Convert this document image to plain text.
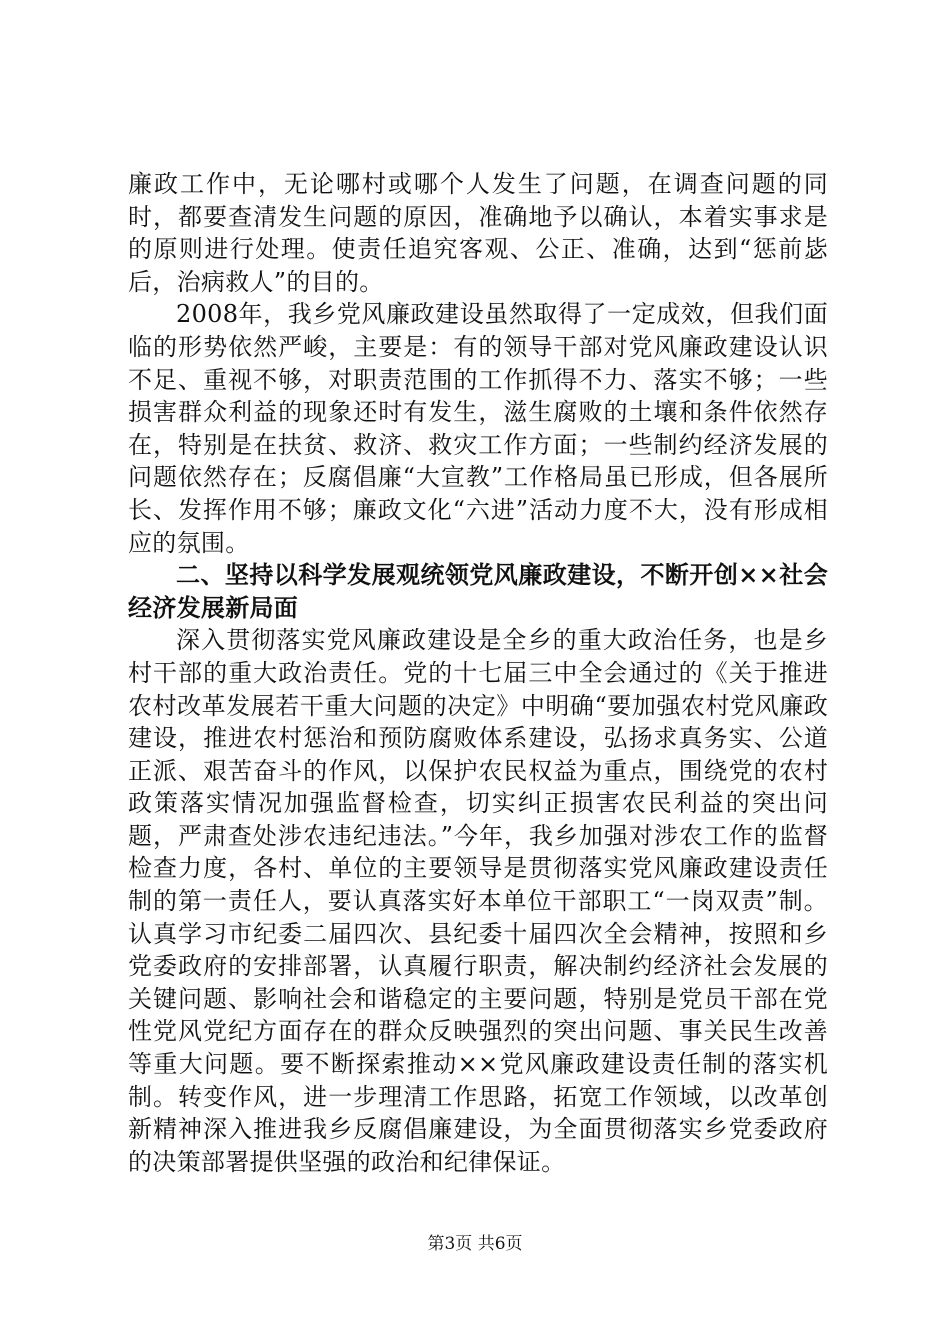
廉政工作中，无论哪村或哪个人发生了问题，在调查问题的同时，都要查清发生问题的原因，准确地予以确认，本着实事求是的原则进行处理。使责任追究客观、公正、准确，达到“惩前毖后，治病救人”的目的。

2008年，我乡党风廉政建设虽然取得了一定成效，但我们面临的形势依然严峻，主要是：有的领导干部对党风廉政建设认识不足、重视不够，对职责范围的工作抓得不力、落实不够；一些损害群众利益的现象还时有发生，滋生腐败的土壤和条件依然存在，特别是在扶贫、救济、救灾工作方面；一些制约经济发展的问题依然存在；反腐倡廉“大宣教”工作格局虽已形成，但各展所长、发挥作用不够；廉政文化“六进”活动力度不大，没有形成相应的氛围。

二、坚持以科学发展观统领党风廉政建设，不断开创××社会经济发展新局面

深入贯彻落实党风廉政建设是全乡的重大政治任务，也是乡村干部的重大政治责任。党的十七届三中全会通过的《关于推进农村改革发展若干重大问题的决定》中明确“要加强农村党风廉政建设，推进农村惩治和预防腐败体系建设，弘扬求真务实、公道正派、艰苦奋斗的作风，以保护农民权益为重点，围绕党的农村政策落实情况加强监督检查，切实纠正损害农民利益的突出问题，严肃查处涉农违纪违法。”今年，我乡加强对涉农工作的监督检查力度，各村、单位的主要领导是贯彻落实党风廉政建设责任制的第一责任人，要认真落实好本单位干部职工“一岗双责”制。认真学习市纪委二届四次、县纪委十届四次全会精神，按照和乡党委政府的安排部署，认真履行职责，解决制约经济社会发展的关键问题、影响社会和谐稳定的主要问题，特别是党员干部在党性党风党纪方面存在的群众反映强烈的突出问题、事关民生改善等重大问题。要不断探索推动××党风廉政建设责任制的落实机制。转变作风，进一步理清工作思路，拓宽工作领域，以改革创新精神深入推进我乡反腐倡廉建设，为全面贯彻落实乡党委政府的决策部署提供坚强的政治和纪律保证。

第3页 共6页
